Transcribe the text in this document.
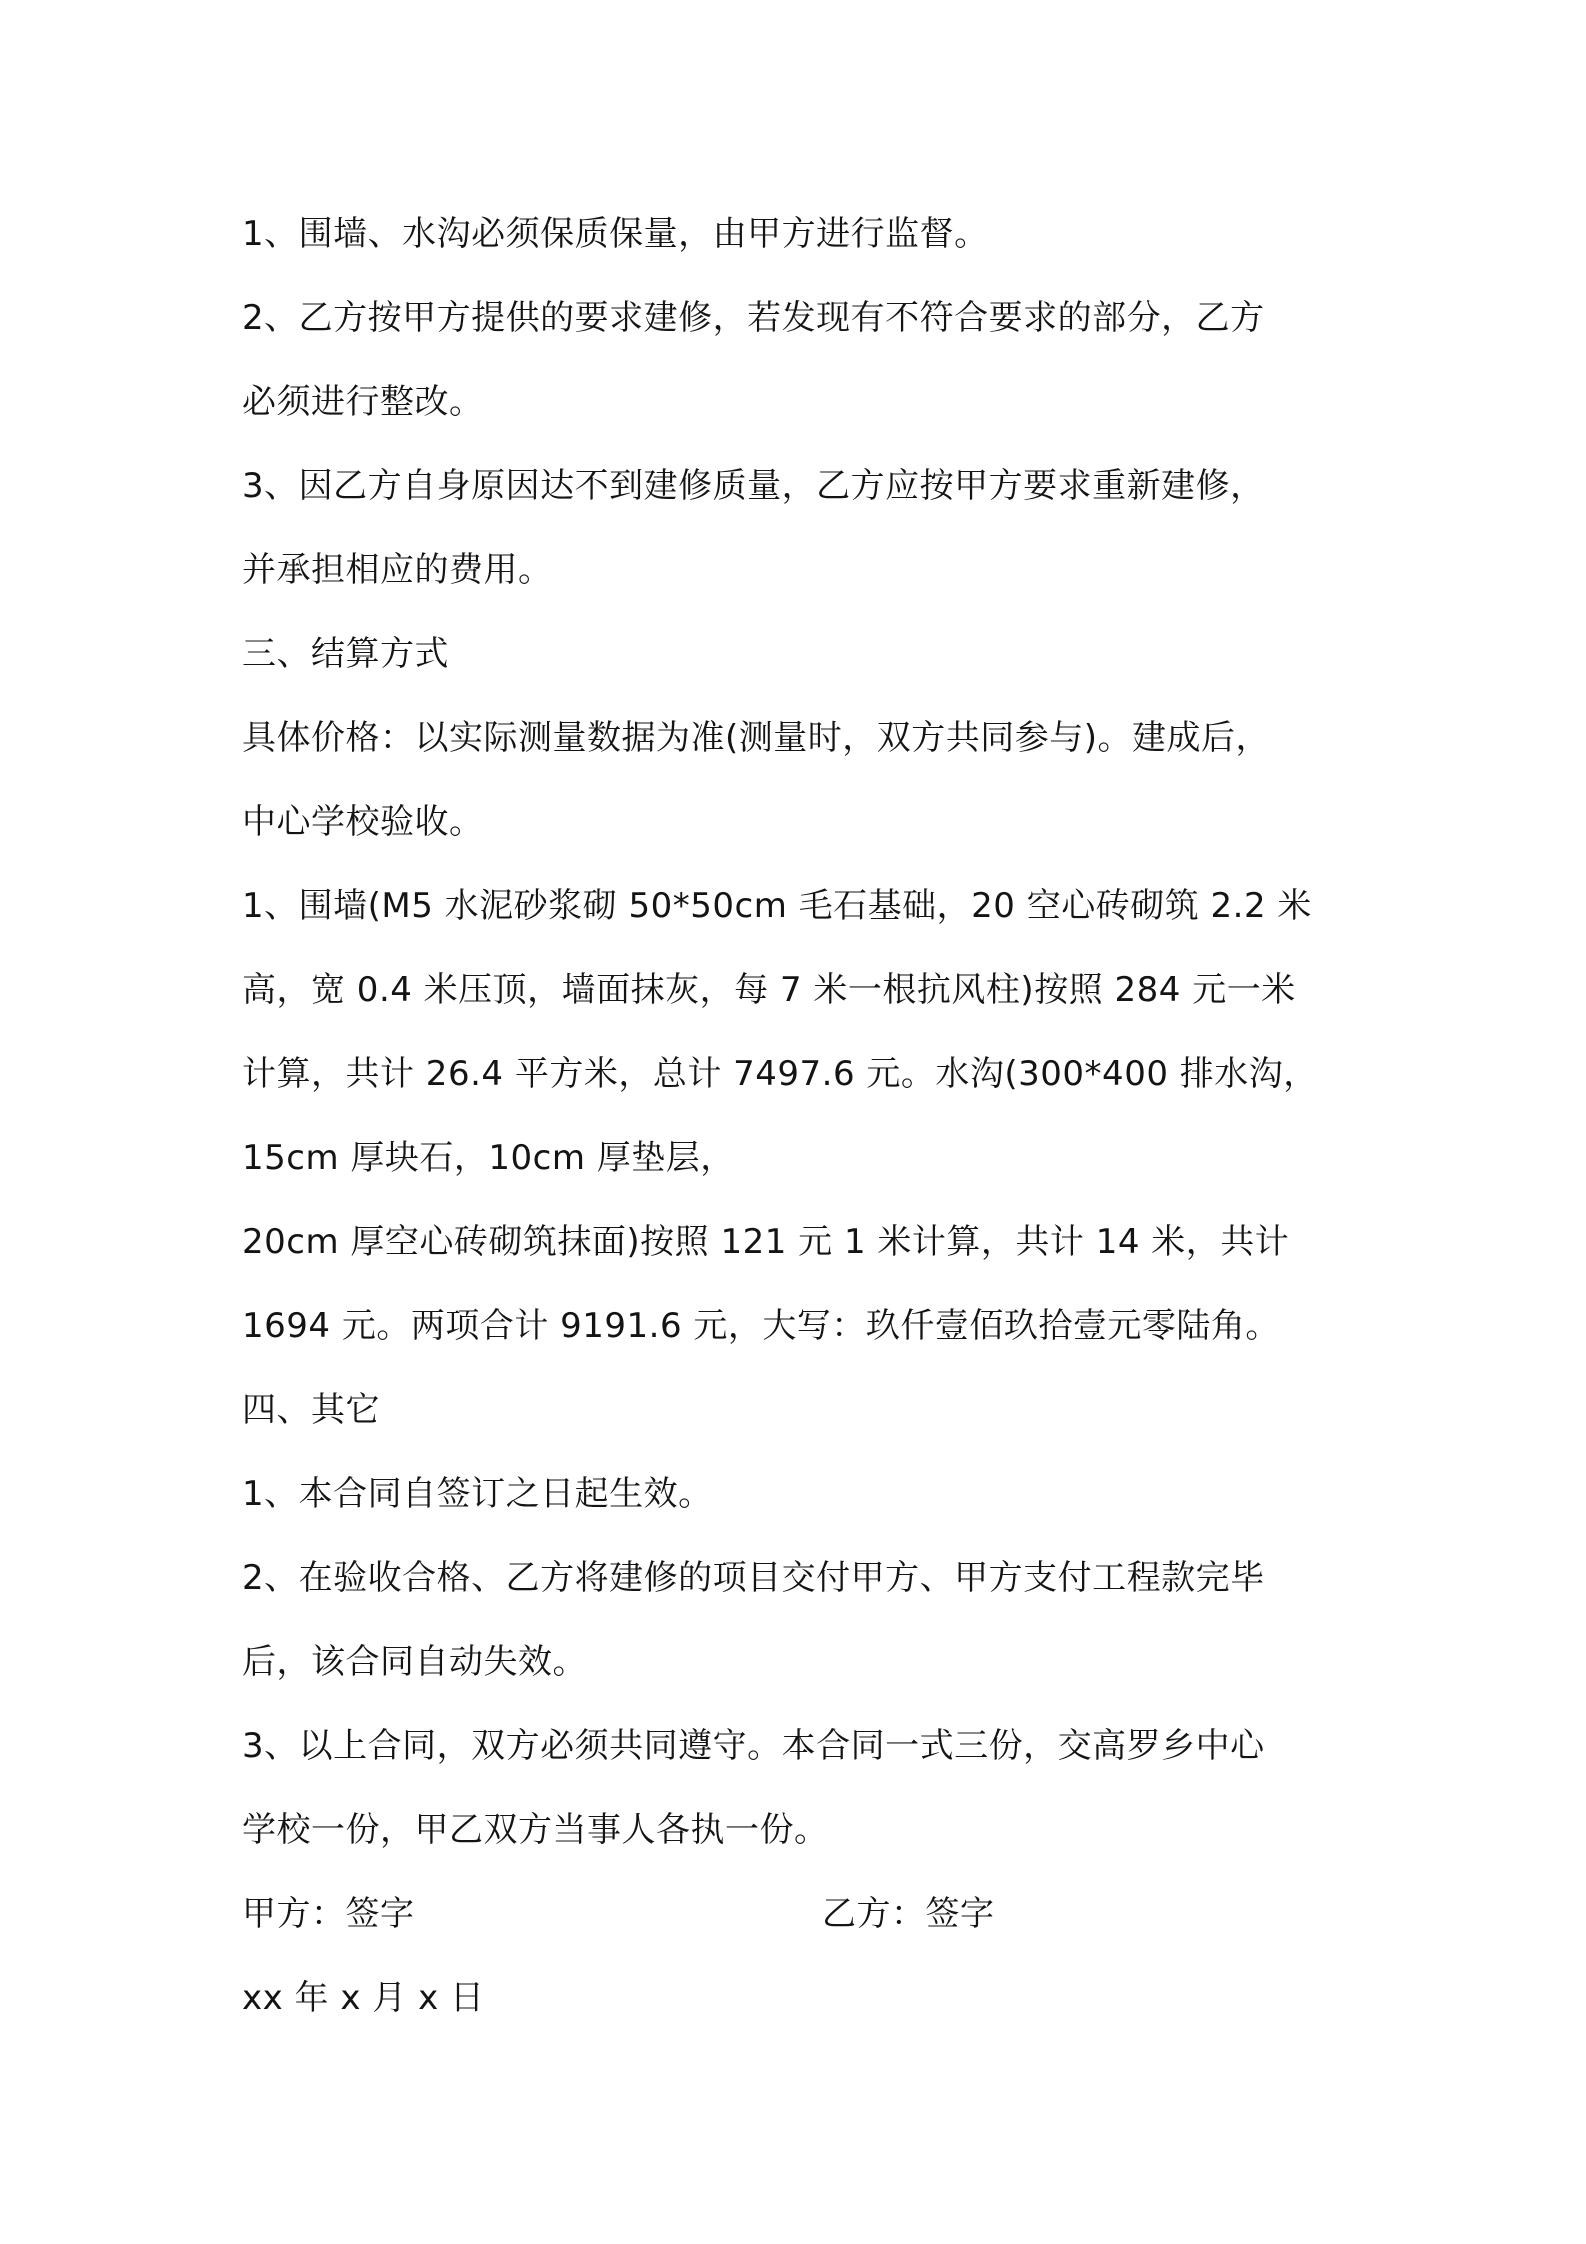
1、围墙、水沟必须保质保量，由甲方进行监督。
2、乙方按甲方提供的要求建修，若发现有不符合要求的部分，乙方
必须进行整改。
3、因乙方自身原因达不到建修质量，乙方应按甲方要求重新建修，
并承担相应的费用。
三、结算方式
具体价格：以实际测量数据为准(测量时，双方共同参与)。建成后，
中心学校验收。
1、围墙(M5 水泥砂浆砌 50*50cm 毛石基础，20 空心砖砌筑 2.2 米
高，宽 0.4 米压顶，墙面抹灰，每 7 米一根抗风柱)按照 284 元一米
计算，共计 26.4 平方米，总计 7497.6 元。水沟(300*400 排水沟，
15cm 厚块石，10cm 厚垫层，
20cm 厚空心砖砌筑抹面)按照 121 元 1 米计算，共计 14 米，共计
1694 元。两项合计 9191.6 元，大写：玖仟壹佰玖拾壹元零陆角。
四、其它
1、本合同自签订之日起生效。
2、在验收合格、乙方将建修的项目交付甲方、甲方支付工程款完毕
后，该合同自动失效。
3、以上合同，双方必须共同遵守。本合同一式三份，交高罗乡中心
学校一份，甲乙双方当事人各执一份。
甲方：签字	乙方：签字
xx 年 x 月 x 日
